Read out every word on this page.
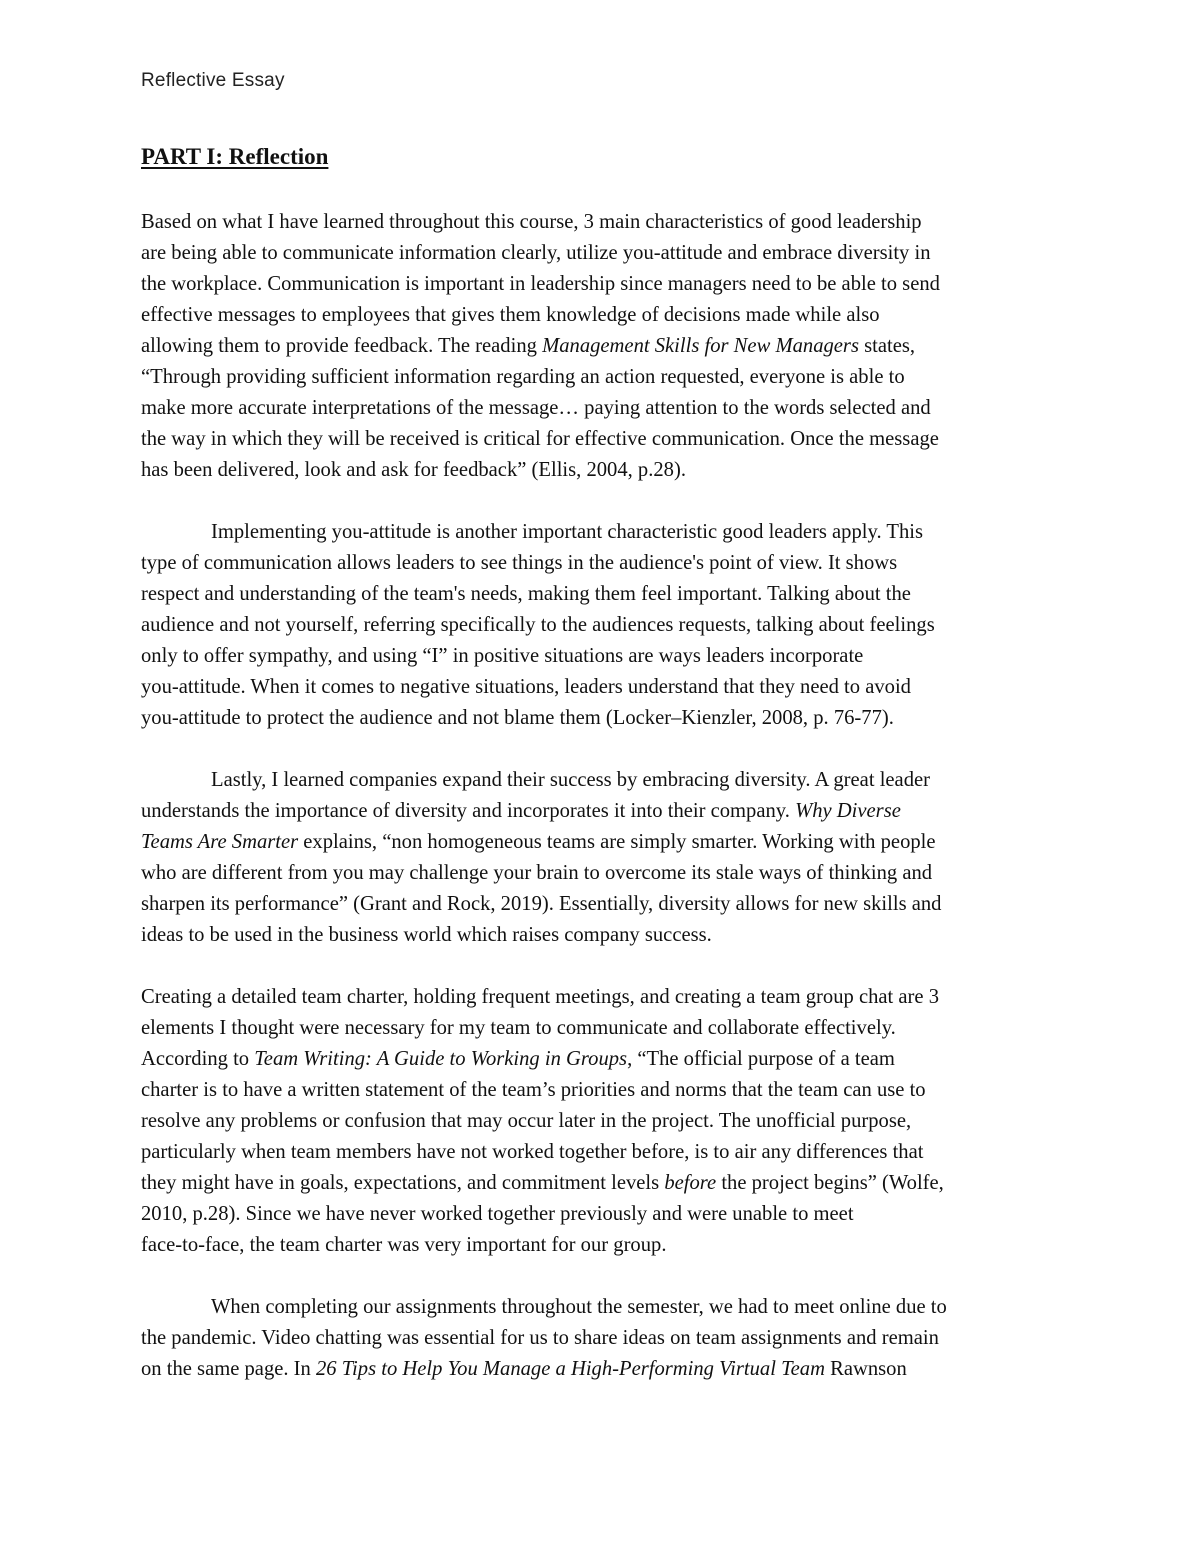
Reflective Essay
PART I: Reflection
Based on what I have learned throughout this course, 3 main characteristics of good leadership
are being able to communicate information clearly, utilize you-attitude and embrace diversity in
the workplace. Communication is important in leadership since managers need to be able to send
effective messages to employees that gives them knowledge of decisions made while also
allowing them to provide feedback. The reading Management Skills for New Managers states,
“Through providing sufficient information regarding an action requested, everyone is able to
make more accurate interpretations of the message… paying attention to the words selected and
the way in which they will be received is critical for effective communication. Once the message
has been delivered, look and ask for feedback” (Ellis, 2004, p.28).
Implementing you-attitude is another important characteristic good leaders apply. This
type of communication allows leaders to see things in the audience's point of view. It shows
respect and understanding of the team's needs, making them feel important. Talking about the
audience and not yourself, referring specifically to the audiences requests, talking about feelings
only to offer sympathy, and using “I” in positive situations are ways leaders incorporate
you-attitude. When it comes to negative situations, leaders understand that they need to avoid
you-attitude to protect the audience and not blame them (Locker–Kienzler, 2008, p. 76-77).
Lastly, I learned companies expand their success by embracing diversity. A great leader
understands the importance of diversity and incorporates it into their company. Why Diverse
Teams Are Smarter explains, “non homogeneous teams are simply smarter. Working with people
who are different from you may challenge your brain to overcome its stale ways of thinking and
sharpen its performance” (Grant and Rock, 2019). Essentially, diversity allows for new skills and
ideas to be used in the business world which raises company success.
Creating a detailed team charter, holding frequent meetings, and creating a team group chat are 3
elements I thought were necessary for my team to communicate and collaborate effectively.
According to Team Writing: A Guide to Working in Groups, “The official purpose of a team
charter is to have a written statement of the team’s priorities and norms that the team can use to
resolve any problems or confusion that may occur later in the project. The unofficial purpose,
particularly when team members have not worked together before, is to air any differences that
they might have in goals, expectations, and commitment levels before the project begins” (Wolfe,
2010, p.28). Since we have never worked together previously and were unable to meet
face-to-face, the team charter was very important for our group.
When completing our assignments throughout the semester, we had to meet online due to
the pandemic. Video chatting was essential for us to share ideas on team assignments and remain
on the same page. In 26 Tips to Help You Manage a High-Performing Virtual Team Rawnson
